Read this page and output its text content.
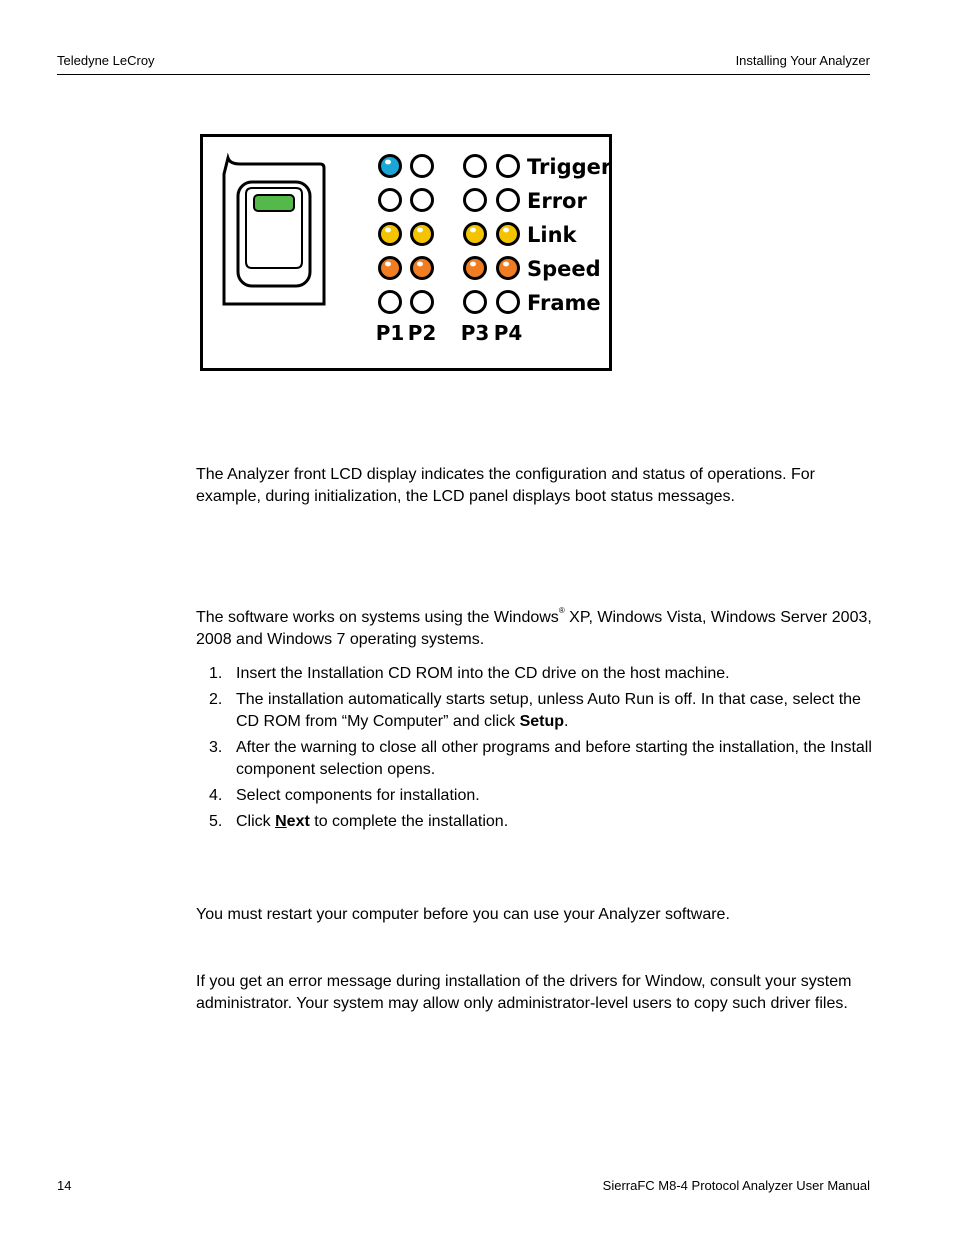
Teledyne LeCroy	Installing Your Analyzer
Trigger
Error
Link
Speed
Frame
P1 P2 P3 P4
The Analyzer front LCD display indicates the configuration and status of operations. For example, during initialization, the LCD panel displays boot status messages.
The software works on systems using the Windows® XP, Windows Vista, Windows Server 2003, 2008 and Windows 7 operating systems.
1. Insert the Installation CD ROM into the CD drive on the host machine.
2. The installation automatically starts setup, unless Auto Run is off. In that case, select the CD ROM from “My Computer” and click Setup.
3. After the warning to close all other programs and before starting the installation, the Install component selection opens.
4. Select components for installation.
5. Click Next to complete the installation.
You must restart your computer before you can use your Analyzer software.
If you get an error message during installation of the drivers for Window, consult your system administrator. Your system may allow only administrator-level users to copy such driver files.
14	SierraFC M8-4 Protocol Analyzer User Manual
